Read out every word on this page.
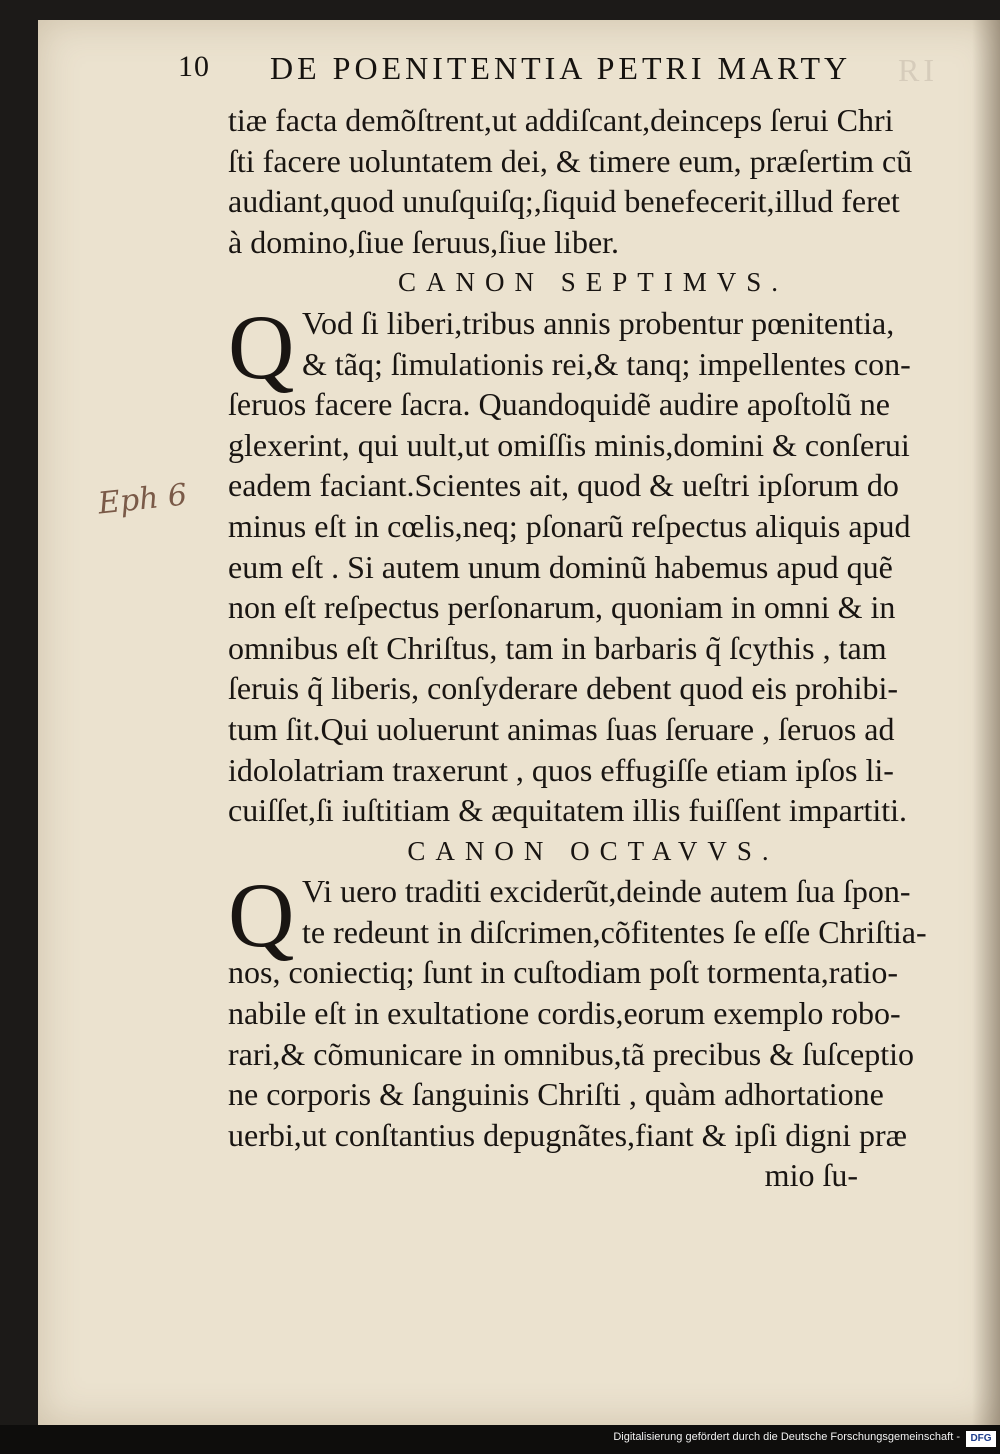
10 DE POENITENTIA PETRI MARTY RI
Eph 6
tiæ facta demõſtrent,ut addiſcant,deinceps ſerui Chri
ſti facere uoluntatem dei, & timere eum, præſertim cũ
audiant,quod unuſquiſq;,ſiquid benefecerit,illud feret
à domino,ſiue ſeruus,ſiue liber.
CANON SEPTIMVS.
Q Vod ſi liberi,tribus annis probentur pœnitentia,
& tãq; ſimulationis rei,& tanq; impellentes con-
ſeruos facere ſacra. Quandoquidẽ audire apoſtolũ ne
glexerint, qui uult,ut omiſſis minis,domini & conſerui
eadem faciant.Scientes ait, quod & ueſtri ipſorum do
minus eſt in cœlis,neq; pſonarũ reſpectus aliquis apud
eum eſt . Si autem unum dominũ habemus apud quẽ
non eſt reſpectus perſonarum, quoniam in omni & in
omnibus eſt Chriſtus, tam in barbaris q̃ ſcythis , tam
ſeruis q̃ liberis, conſyderare debent quod eis prohibi-
tum ſit.Qui uoluerunt animas ſuas ſeruare , ſeruos ad
idololatriam traxerunt , quos effugiſſe etiam ipſos li-
cuiſſet,ſi iuſtitiam & æquitatem illis fuiſſent impartiti.
CANON OCTAVVS.
Q Vi uero traditi exciderũt,deinde autem ſua ſpon-
te redeunt in diſcrimen,cõfitentes ſe eſſe Chriſtia-
nos, coniectiq; ſunt in cuſtodiam poſt tormenta,ratio-
nabile eſt in exultatione cordis,eorum exemplo robo-
rari,& cõmunicare in omnibus,tã precibus & ſuſceptio
ne corporis & ſanguinis Chriſti , quàm adhortatione
uerbi,ut conſtantius depugnãtes,fiant & ipſi digni præ
mio ſu-
Digitalisierung gefördert durch die Deutsche Forschungsgemeinschaft -	DFG
